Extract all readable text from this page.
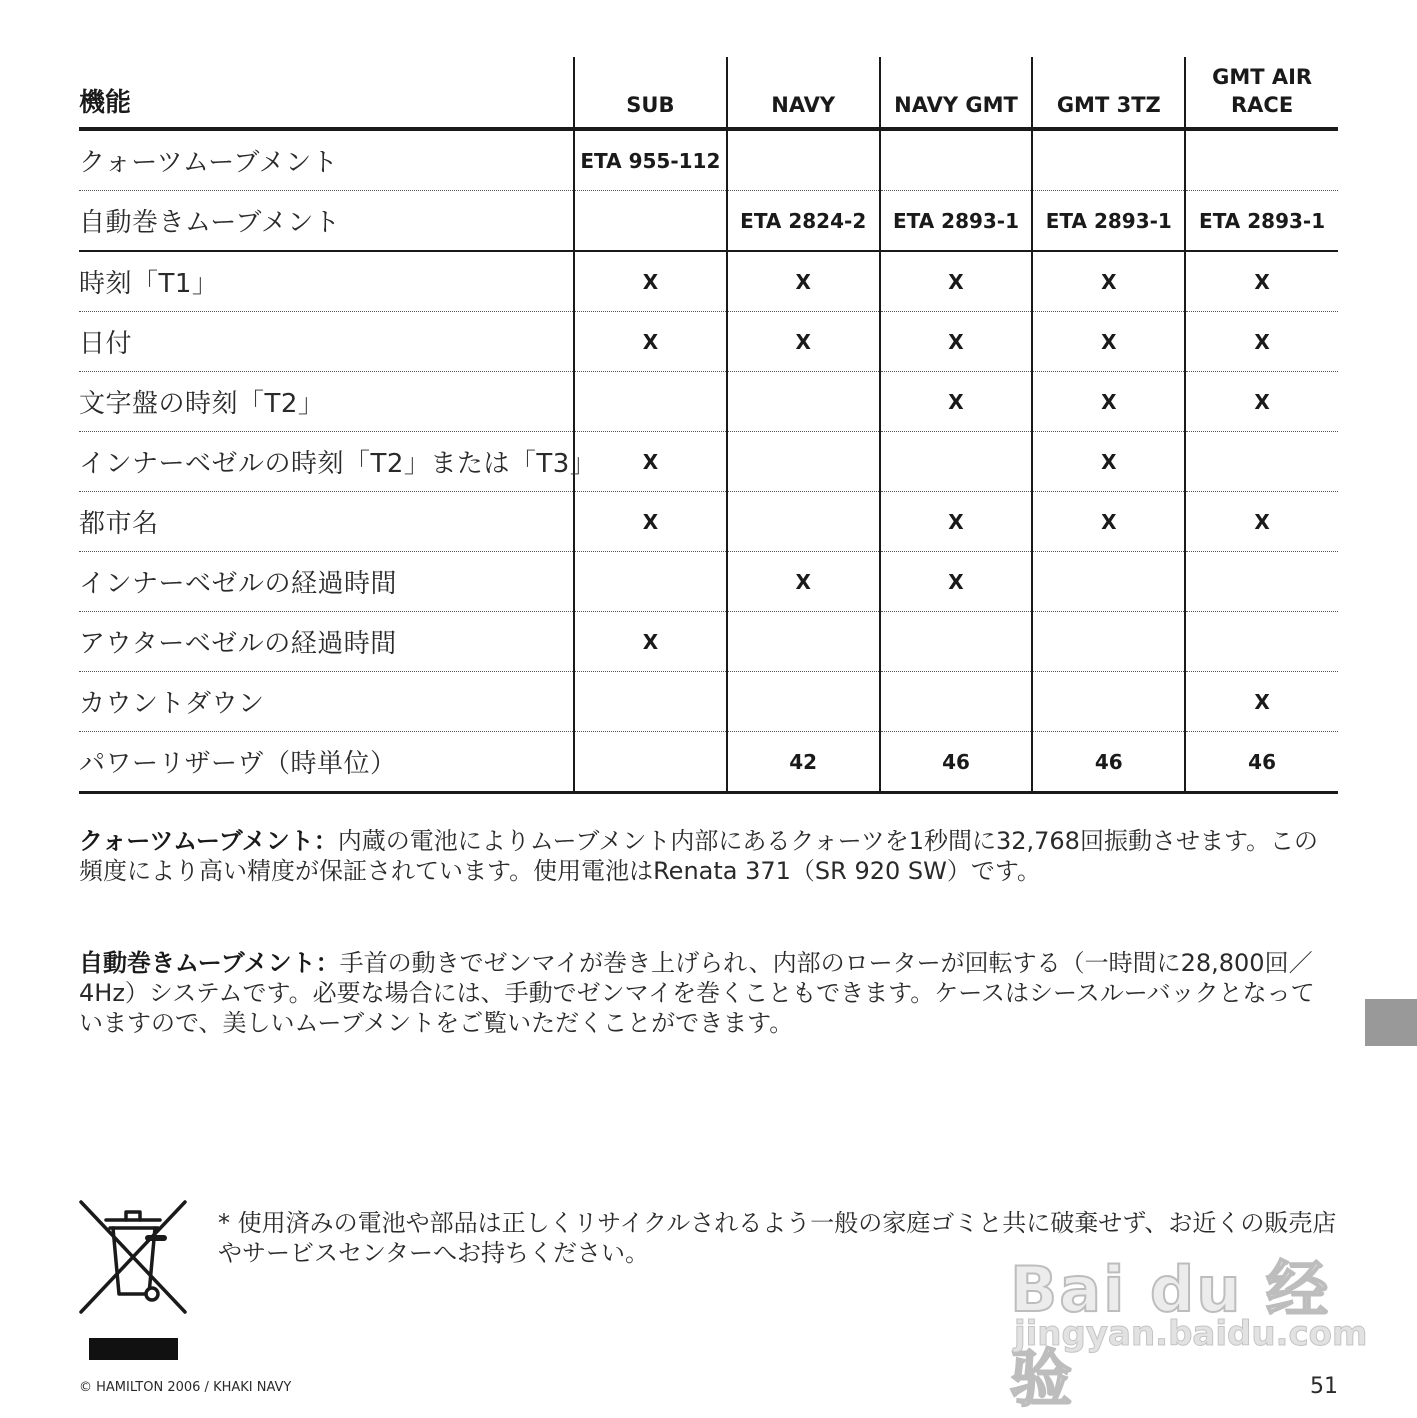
機能	SUB	NAVY	NAVY GMT	GMT 3TZ	GMT AIR RACE
クォーツムーブメント	ETA 955-112				
自動巻きムーブメント		ETA 2824-2	ETA 2893-1	ETA 2893-1	ETA 2893-1
時刻「T1」	X	X	X	X	X
日付	X	X	X	X	X
文字盤の時刻「T2」			X	X	X
インナーベゼルの時刻「T2」または「T3」	X			X	
都市名	X		X	X	X
インナーベゼルの経過時間		X	X		
アウターベゼルの経過時間	X				
カウントダウン					X
パワーリザーヴ（時単位）		42	46	46	46

クォーツムーブメント：内蔵の電池によりムーブメント内部にあるクォーツを1秒間に32,768回振動させます。この頻度により高い精度が保証されています。使用電池はRenata 371（SR 920 SW）です。

自動巻きムーブメント：手首の動きでゼンマイが巻き上げられ、内部のローターが回転する（一時間に28,800回／4Hz）システムです。必要な場合には、手動でゼンマイを巻くこともできます。ケースはシースルーバックとなっていますので、美しいムーブメントをご覧いただくことができます。

* 使用済みの電池や部品は正しくリサイクルされるよう一般の家庭ゴミと共に破棄せず、お近くの販売店やサービスセンターへお持ちください。	Bai du 经验
jingyan.baidu.com
© HAMILTON 2006 / KHAKI NAVY	51
